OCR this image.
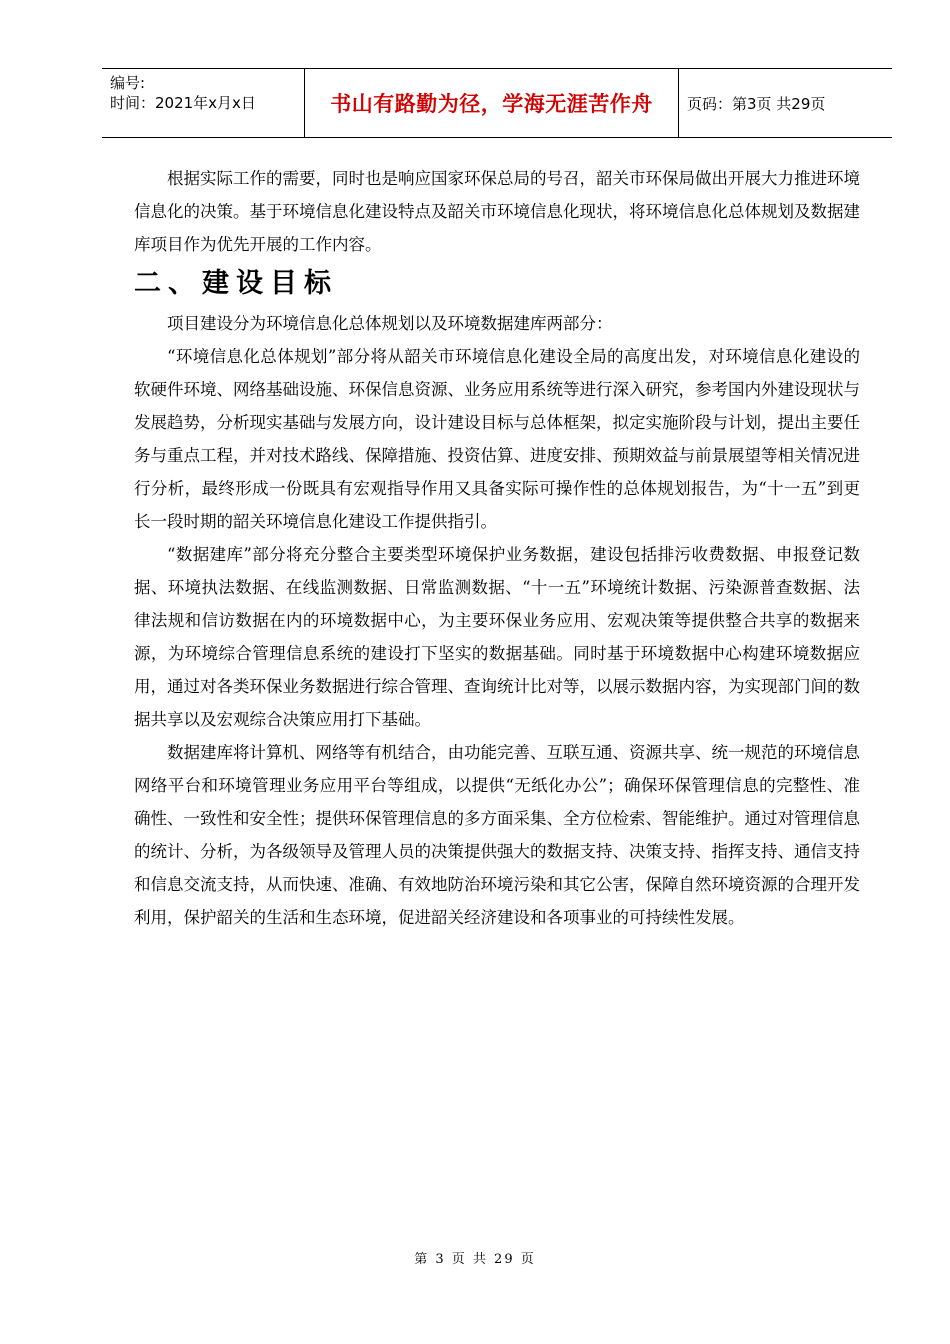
编号:
时间：2021年x月x日	书山有路勤为径，学海无涯苦作舟 页码：第3页 共29页

根据实际工作的需要，同时也是响应国家环保总局的号召，韶关市环保局做出开展大力推进环境信息化的决策。基于环境信息化建设特点及韶关市环境信息化现状，将环境信息化总体规划及数据建库项目作为优先开展的工作内容。

二、建设目标

项目建设分为环境信息化总体规划以及环境数据建库两部分：

“环境信息化总体规划”部分将从韶关市环境信息化建设全局的高度出发，对环境信息化建设的软硬件环境、网络基础设施、环保信息资源、业务应用系统等进行深入研究，参考国内外建设现状与发展趋势，分析现实基础与发展方向，设计建设目标与总体框架，拟定实施阶段与计划，提出主要任务与重点工程，并对技术路线、保障措施、投资估算、进度安排、预期效益与前景展望等相关情况进行分析，最终形成一份既具有宏观指导作用又具备实际可操作性的总体规划报告，为“十一五”到更长一段时期的韶关环境信息化建设工作提供指引。

“数据建库”部分将充分整合主要类型环境保护业务数据，建设包括排污收费数据、申报登记数据、环境执法数据、在线监测数据、日常监测数据、“十一五”环境统计数据、污染源普查数据、法律法规和信访数据在内的环境数据中心，为主要环保业务应用、宏观决策等提供整合共享的数据来源，为环境综合管理信息系统的建设打下坚实的数据基础。同时基于环境数据中心构建环境数据应用，通过对各类环保业务数据进行综合管理、查询统计比对等，以展示数据内容，为实现部门间的数据共享以及宏观综合决策应用打下基础。

数据建库将计算机、网络等有机结合，由功能完善、互联互通、资源共享、统一规范的环境信息网络平台和环境管理业务应用平台等组成，以提供“无纸化办公”；确保环保管理信息的完整性、准确性、一致性和安全性；提供环保管理信息的多方面采集、全方位检索、智能维护。通过对管理信息的统计、分析，为各级领导及管理人员的决策提供强大的数据支持、决策支持、指挥支持、通信支持和信息交流支持，从而快速、准确、有效地防治环境污染和其它公害，保障自然环境资源的合理开发利用，保护韶关的生活和生态环境，促进韶关经济建设和各项事业的可持续性发展。

第 3 页 共 29 页
